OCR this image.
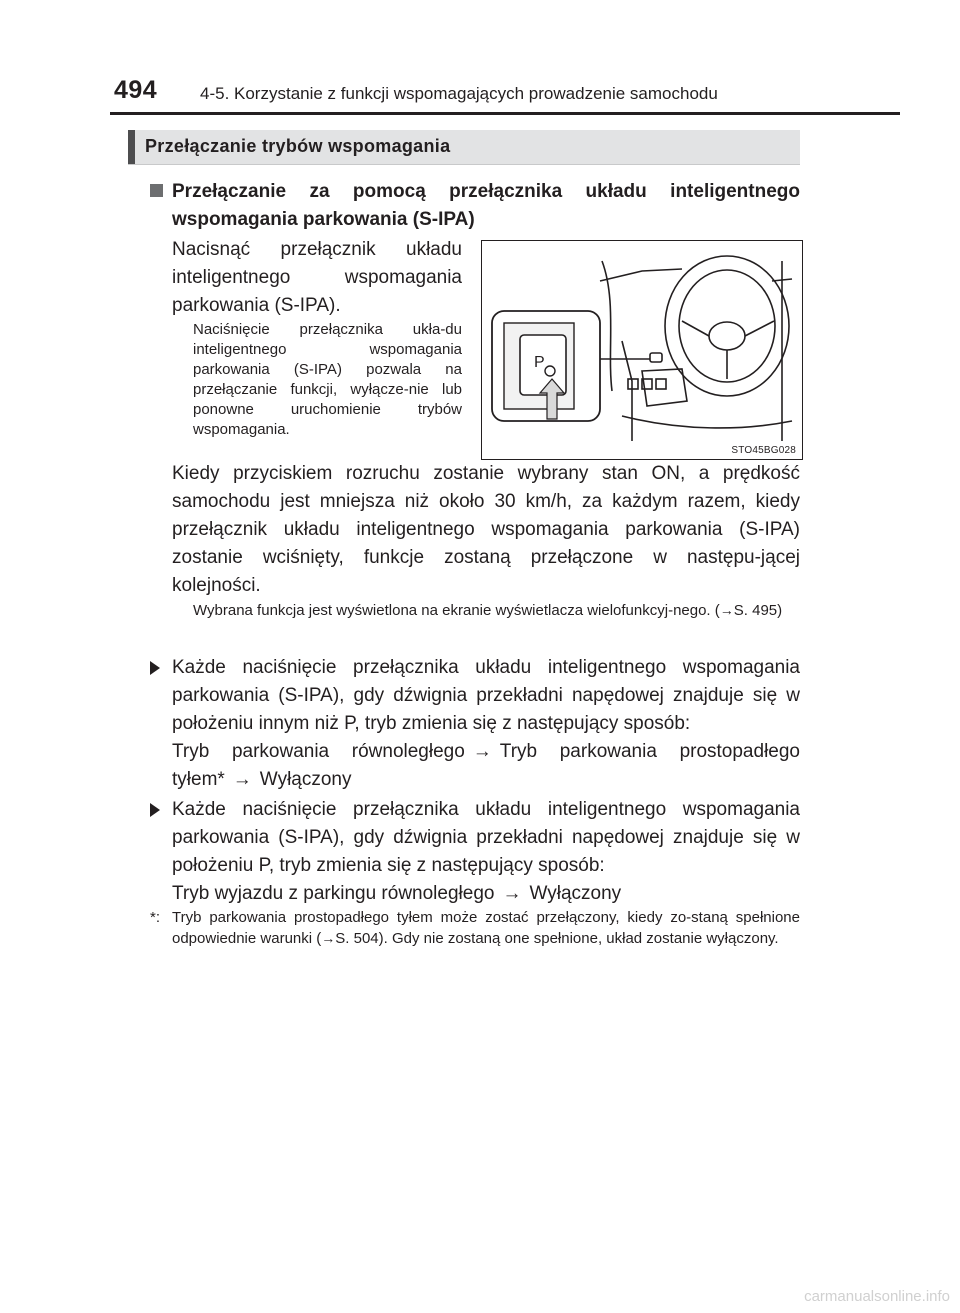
494	4-5. Korzystanie z funkcji wspomagających prowadzenie samochodu
Przełączanie trybów wspomagania
Przełączanie za pomocą przełącznika układu inteligentnego wspomagania parkowania (S-IPA)
Nacisnąć przełącznik układu inteligentnego wspomagania parkowania (S-IPA).
Naciśnięcie przełącznika ukła-du inteligentnego wspomagania parkowania (S-IPA) pozwala na przełączanie funkcji, wyłącze-nie lub ponowne uruchomienie trybów wspomagania.
P
STO45BG028
Kiedy przyciskiem rozruchu zostanie wybrany stan ON, a prędkość samochodu jest mniejsza niż około 30 km/h, za każdym razem, kiedy przełącznik układu inteligentnego wspomagania parkowania (S-IPA) zostanie wciśnięty, funkcje zostaną przełączone w następu-jącej kolejności.
Wybrana funkcja jest wyświetlona na ekranie wyświetlacza wielofunkcyj-nego. (→S. 495)
Każde naciśnięcie przełącznika układu inteligentnego wspomagania parkowania (S-IPA), gdy dźwignia przekładni napędowej znajduje się w położeniu innym niż P, tryb zmienia się z następujący sposób:
Tryb parkowania równoległego → Tryb parkowania prostopadłego tyłem* → Wyłączony
Każde naciśnięcie przełącznika układu inteligentnego wspomagania parkowania (S-IPA), gdy dźwignia przekładni napędowej znajduje się w położeniu P, tryb zmienia się z następujący sposób:
Tryb wyjazdu z parkingu równoległego → Wyłączony
*: Tryb parkowania prostopadłego tyłem może zostać przełączony, kiedy zo-staną spełnione odpowiednie warunki (→S. 504). Gdy nie zostaną one spełnione, układ zostanie wyłączony.
carmanualsonline.info
